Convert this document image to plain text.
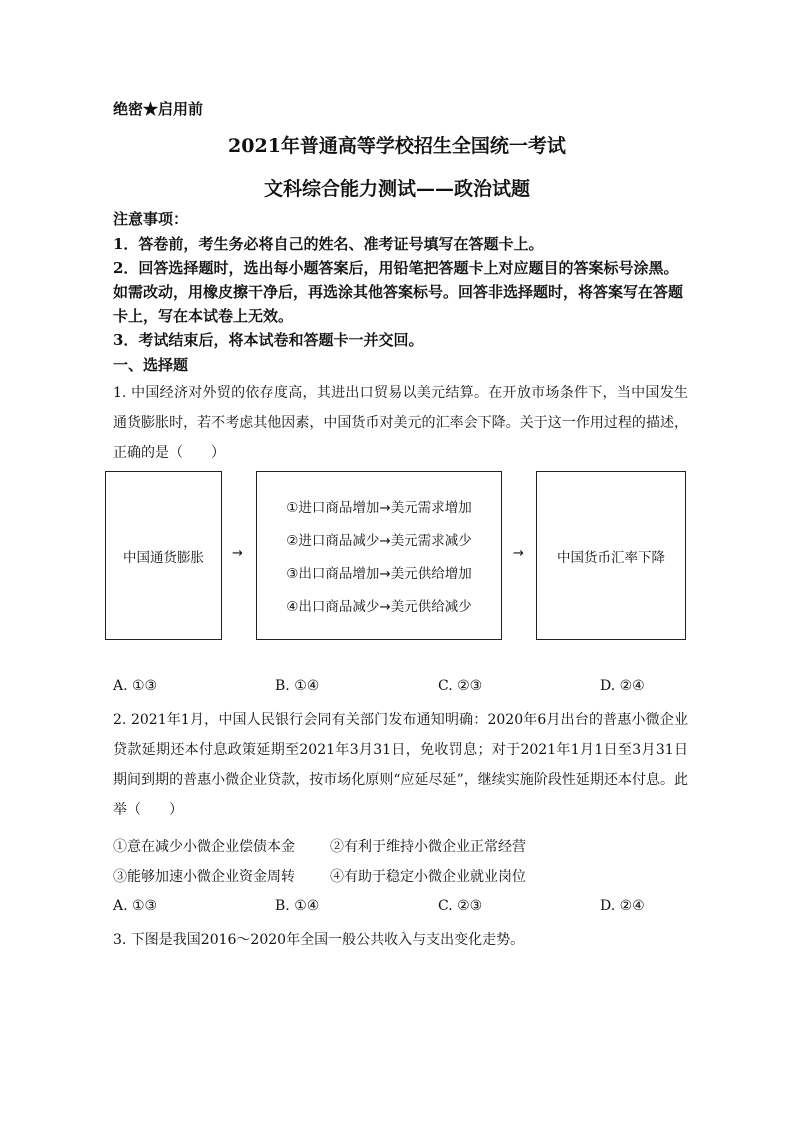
绝密★启用前
2021年普通高等学校招生全国统一考试
文科综合能力测试——政治试题
注意事项：
1．答卷前，考生务必将自己的姓名、准考证号填写在答题卡上。
2．回答选择题时，选出每小题答案后，用铅笔把答题卡上对应题目的答案标号涂黑。如需改动，用橡皮擦干净后，再选涂其他答案标号。回答非选择题时，将答案写在答题卡上，写在本试卷上无效。
3．考试结束后，将本试卷和答题卡一并交回。
一、选择题
1. 中国经济对外贸的依存度高，其进出口贸易以美元结算。在开放市场条件下，当中国发生通货膨胀时，若不考虑其他因素，中国货币对美元的汇率会下降。关于这一作用过程的描述，正确的是（　　）
中国通货膨胀 →
①进口商品增加→美元需求增加
②进口商品减少→美元需求减少
③出口商品增加→美元供给增加
④出口商品减少→美元供给减少
→ 中国货币汇率下降
A. ①③	B. ①④	C. ②③	D. ②④
2. 2021年1月，中国人民银行会同有关部门发布通知明确：2020年6月出台的普惠小微企业贷款延期还本付息政策延期至2021年3月31日，免收罚息；对于2021年1月1日至3月31日期间到期的普惠小微企业贷款，按市场化原则“应延尽延”，继续实施阶段性延期还本付息。此举（　　）
①意在减少小微企业偿债本金	②有利于维持小微企业正常经营
③能够加速小微企业资金周转	④有助于稳定小微企业就业岗位
A. ①③	B. ①④	C. ②③	D. ②④
3. 下图是我国2016～2020年全国一般公共收入与支出变化走势。
